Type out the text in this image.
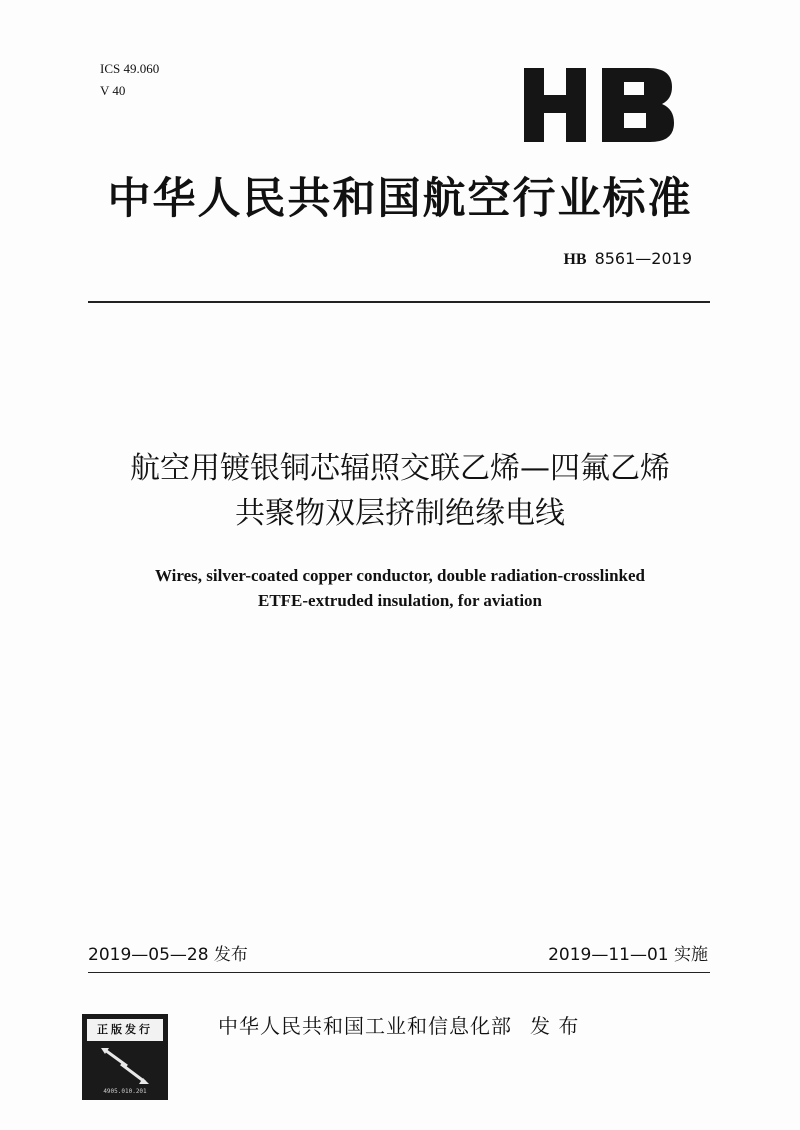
ICS 49.060
V 40
中华人民共和国航空行业标准
HB 8561—2019
航空用镀银铜芯辐照交联乙烯—四氟乙烯
共聚物双层挤制绝缘电线
Wires, silver-coated copper conductor, double radiation-crosslinked
ETFE-extruded insulation, for aviation
2019—05—28 发布	2019—11—01 实施
正版发行
4905.010.201
中华人民共和国工业和信息化部 发 布
